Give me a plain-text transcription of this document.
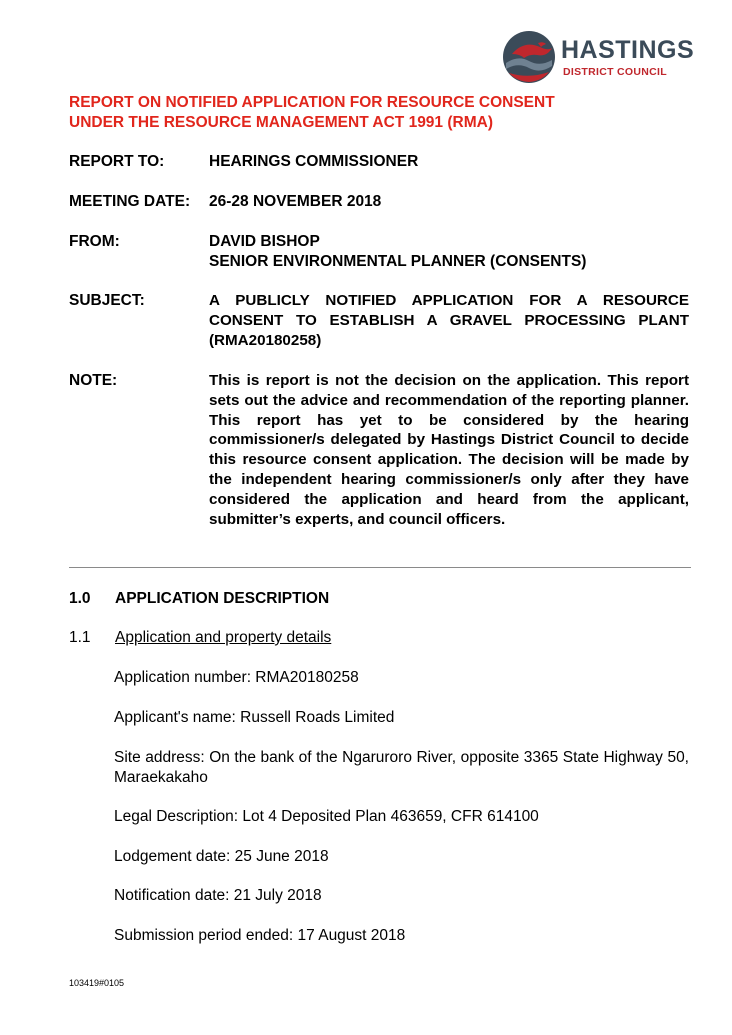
HASTINGS
DISTRICT COUNCIL
REPORT ON NOTIFIED APPLICATION FOR RESOURCE CONSENT
UNDER THE RESOURCE MANAGEMENT ACT 1991 (RMA)
REPORT TO:	HEARINGS COMMISSIONER
MEETING DATE: 26-28 NOVEMBER 2018
FROM:	DAVID BISHOP
SENIOR ENVIRONMENTAL PLANNER (CONSENTS)
SUBJECT:	A PUBLICLY NOTIFIED APPLICATION FOR A RESOURCE CONSENT TO ESTABLISH A GRAVEL PROCESSING PLANT (RMA20180258)
NOTE:	This is report is not the decision on the application. This report sets out the advice and recommendation of the reporting planner. This report has yet to be considered by the hearing commissioner/s delegated by Hastings District Council to decide this resource consent application. The decision will be made by the independent hearing commissioner/s only after they have considered the application and heard from the applicant, submitter’s experts, and council officers.
1.0 APPLICATION DESCRIPTION
1.1 Application and property details
Application number: RMA20180258
Applicant's name: Russell Roads Limited
Site address: On the bank of the Ngaruroro River, opposite 3365 State Highway 50, Maraekakaho
Legal Description: Lot 4 Deposited Plan 463659, CFR 614100
Lodgement date: 25 June 2018
Notification date: 21 July 2018
Submission period ended: 17 August 2018
103419#0105
